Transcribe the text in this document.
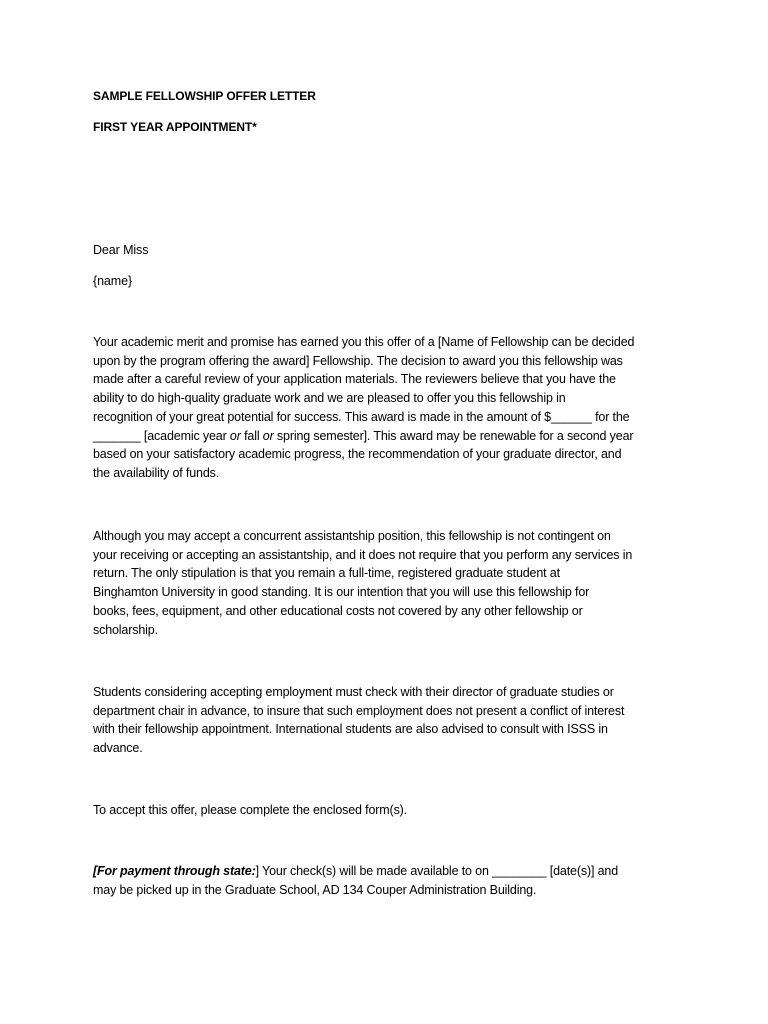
SAMPLE FELLOWSHIP OFFER LETTER
FIRST YEAR APPOINTMENT*
Dear Miss
{name}
Your academic merit and promise has earned you this offer of a [Name of Fellowship can be decided
upon by the program offering the award] Fellowship. The decision to award you this fellowship was
made after a careful review of your application materials. The reviewers believe that you have the
ability to do high-quality graduate work and we are pleased to offer you this fellowship in
recognition of your great potential for success. This award is made in the amount of $______ for the
_______ [academic year or fall or spring semester]. This award may be renewable for a second year
based on your satisfactory academic progress, the recommendation of your graduate director, and
the availability of funds.
Although you may accept a concurrent assistantship position, this fellowship is not contingent on
your receiving or accepting an assistantship, and it does not require that you perform any services in
return. The only stipulation is that you remain a full-time, registered graduate student at
Binghamton University in good standing. It is our intention that you will use this fellowship for
books, fees, equipment, and other educational costs not covered by any other fellowship or
scholarship.
Students considering accepting employment must check with their director of graduate studies or
department chair in advance, to insure that such employment does not present a conflict of interest
with their fellowship appointment. International students are also advised to consult with ISSS in
advance.
To accept this offer, please complete the enclosed form(s).
[For payment through state:] Your check(s) will be made available to on ________ [date(s)] and
may be picked up in the Graduate School, AD 134 Couper Administration Building.
